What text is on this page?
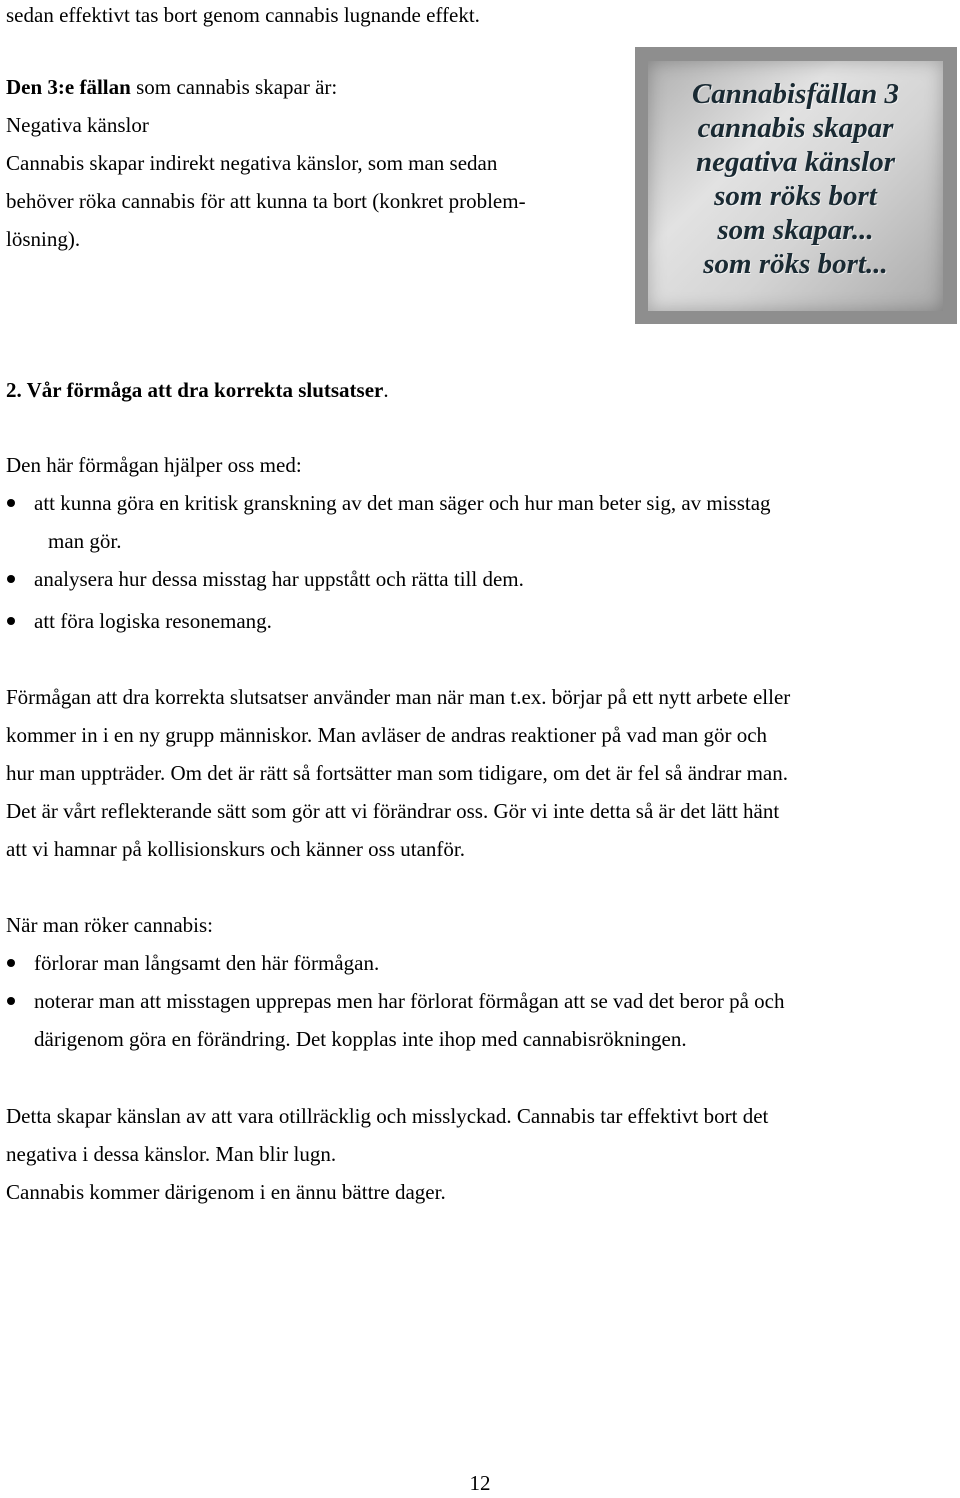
sedan effektivt tas bort genom cannabis lugnande effekt.

Den 3:e fällan som cannabis skapar är:
Negativa känslor
Cannabis skapar indirekt negativa känslor, som man sedan
behöver röka cannabis för att kunna ta bort (konkret problem-
lösning).
Cannabisfällan 3
cannabis skapar
negativa känslor
som röks bort
som skapar...
som röks bort...

2. Vår förmåga att dra korrekta slutsatser.

Den här förmågan hjälper oss med:

att kunna göra en kritisk granskning av det man säger och hur man beter sig, av misstag
man gör.
analysera hur dessa misstag har uppstått och rätta till dem.
att föra logiska resonemang.
Förmågan att dra korrekta slutsatser använder man när man t.ex. börjar på ett nytt arbete eller
kommer in i en ny grupp människor. Man avläser de andras reaktioner på vad man gör och
hur man uppträder. Om det är rätt så fortsätter man som tidigare, om det är fel så ändrar man.
Det är vårt reflekterande sätt som gör att vi förändrar oss. Gör vi inte detta så är det lätt hänt
att vi hamnar på kollisionskurs och känner oss utanför.

När man röker cannabis:

förlorar man långsamt den här förmågan.
noterar man att misstagen upprepas men har förlorat förmågan att se vad det beror på och
därigenom göra en förändring. Det kopplas inte ihop med cannabisrökningen.
Detta skapar känslan av att vara otillräcklig och misslyckad. Cannabis tar effektivt bort det
negativa i dessa känslor. Man blir lugn.
Cannabis kommer därigenom i en ännu bättre dager.
12
